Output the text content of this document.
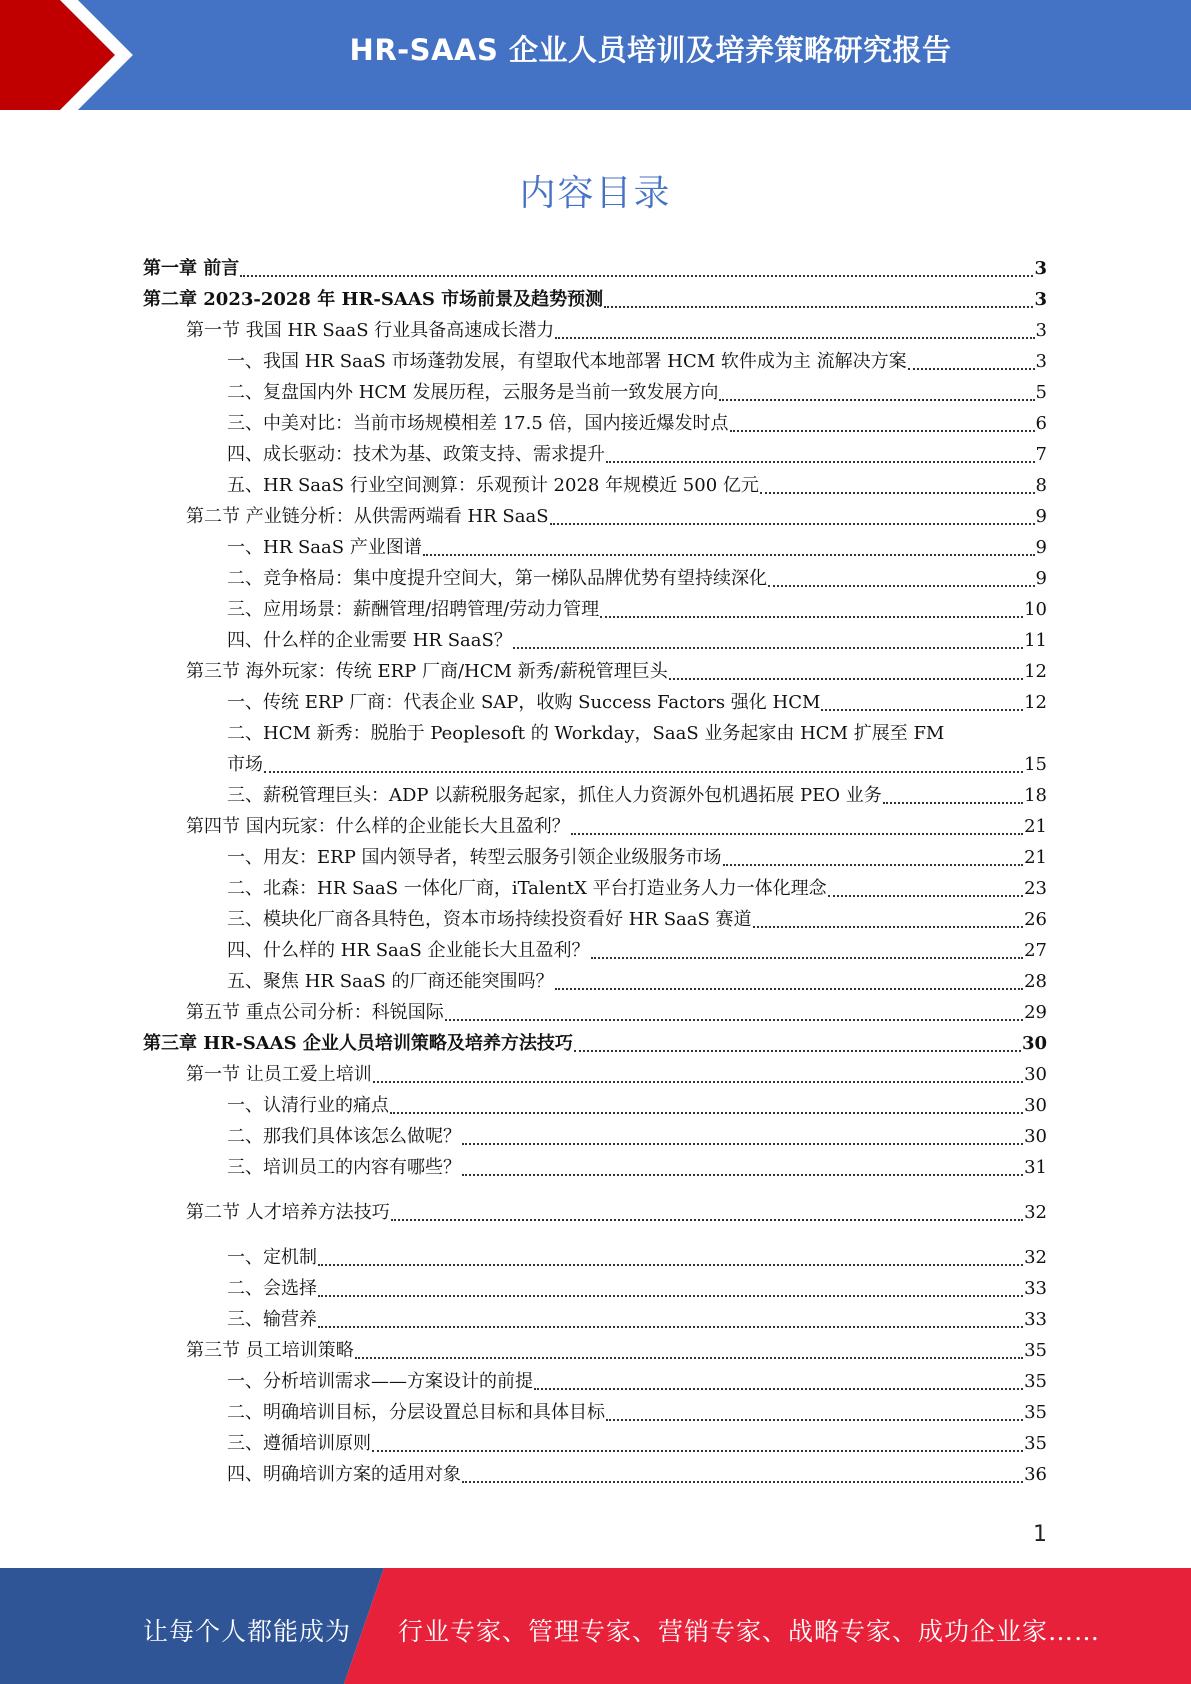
HR-SAAS 企业人员培训及培养策略研究报告
内容目录
第一章 前言	3
第二章 2023-2028 年 HR-SAAS 市场前景及趋势预测	3
第一节 我国 HR SaaS 行业具备高速成长潜力	3
一、我国 HR SaaS 市场蓬勃发展，有望取代本地部署 HCM 软件成为主 流解决方案	3
二、复盘国内外 HCM 发展历程，云服务是当前一致发展方向	5
三、中美对比：当前市场规模相差 17.5 倍，国内接近爆发时点	6
四、成长驱动：技术为基、政策支持、需求提升	7
五、HR SaaS 行业空间测算：乐观预计 2028 年规模近 500 亿元	8
第二节 产业链分析：从供需两端看 HR SaaS	9
一、HR SaaS 产业图谱	9
二、竞争格局：集中度提升空间大，第一梯队品牌优势有望持续深化	9
三、应用场景：薪酬管理/招聘管理/劳动力管理	10
四、什么样的企业需要 HR SaaS？	11
第三节 海外玩家：传统 ERP 厂商/HCM 新秀/薪税管理巨头	12
一、传统 ERP 厂商：代表企业 SAP，收购 Success Factors 强化 HCM	12
二、HCM 新秀：脱胎于 Peoplesoft 的 Workday，SaaS 业务起家由 HCM 扩展至 FM
市场	15
三、薪税管理巨头：ADP 以薪税服务起家，抓住人力资源外包机遇拓展 PEO 业务	18
第四节 国内玩家：什么样的企业能长大且盈利？	21
一、用友：ERP 国内领导者，转型云服务引领企业级服务市场	21
二、北森：HR SaaS 一体化厂商，iTalentX 平台打造业务人力一体化理念	23
三、模块化厂商各具特色，资本市场持续投资看好 HR SaaS 赛道	26
四、什么样的 HR SaaS 企业能长大且盈利？	27
五、聚焦 HR SaaS 的厂商还能突围吗？	28
第五节 重点公司分析：科锐国际	29
第三章 HR-SAAS 企业人员培训策略及培养方法技巧	30
第一节 让员工爱上培训	30
一、认清行业的痛点	30
二、那我们具体该怎么做呢？	30
三、培训员工的内容有哪些？	31
第二节 人才培养方法技巧	32
一、定机制	32
二、会选择	33
三、输营养	33
第三节 员工培训策略	35
一、分析培训需求——方案设计的前提	35
二、明确培训目标，分层设置总目标和具体目标	35
三、遵循培训原则	35
四、明确培训方案的适用对象	36
1
让每个人都能成为 行业专家、管理专家、营销专家、战略专家、成功企业家……
